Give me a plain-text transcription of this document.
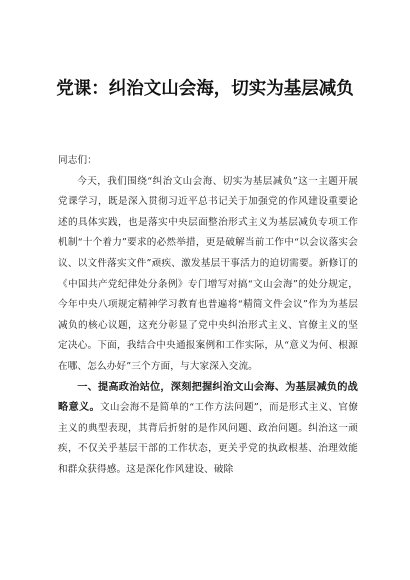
党课：纠治文山会海，切实为基层减负

同志们：

今天，我们围绕“纠治文山会海、切实为基层减负”这一主题开展党课学习，既是深入贯彻习近平总书记关于加强党的作风建设重要论述的具体实践，也是落实中央层面整治形式主义为基层减负专项工作机制“十个着力”要求的必然举措，更是破解当前工作中“以会议落实会议、以文件落实文件”顽疾、激发基层干事活力的迫切需要。新修订的《中国共产党纪律处分条例》专门增写对搞“文山会海”的处分规定，今年中央八项规定精神学习教育也普遍将“精简文件会议”作为为基层减负的核心议题，这充分彰显了党中央纠治形式主义、官僚主义的坚定决心。下面，我结合中央通报案例和工作实际，从“意义为何、根源在哪、怎么办好”三个方面，与大家深入交流。

一、提高政治站位，深刻把握纠治文山会海、为基层减负的战略意义。文山会海不是简单的“工作方法问题”，而是形式主义、官僚主义的典型表现，其背后折射的是作风问题、政治问题。纠治这一顽疾，不仅关乎基层干部的工作状态，更关乎党的执政根基、治理效能和群众获得感。这是深化作风建设、破除
